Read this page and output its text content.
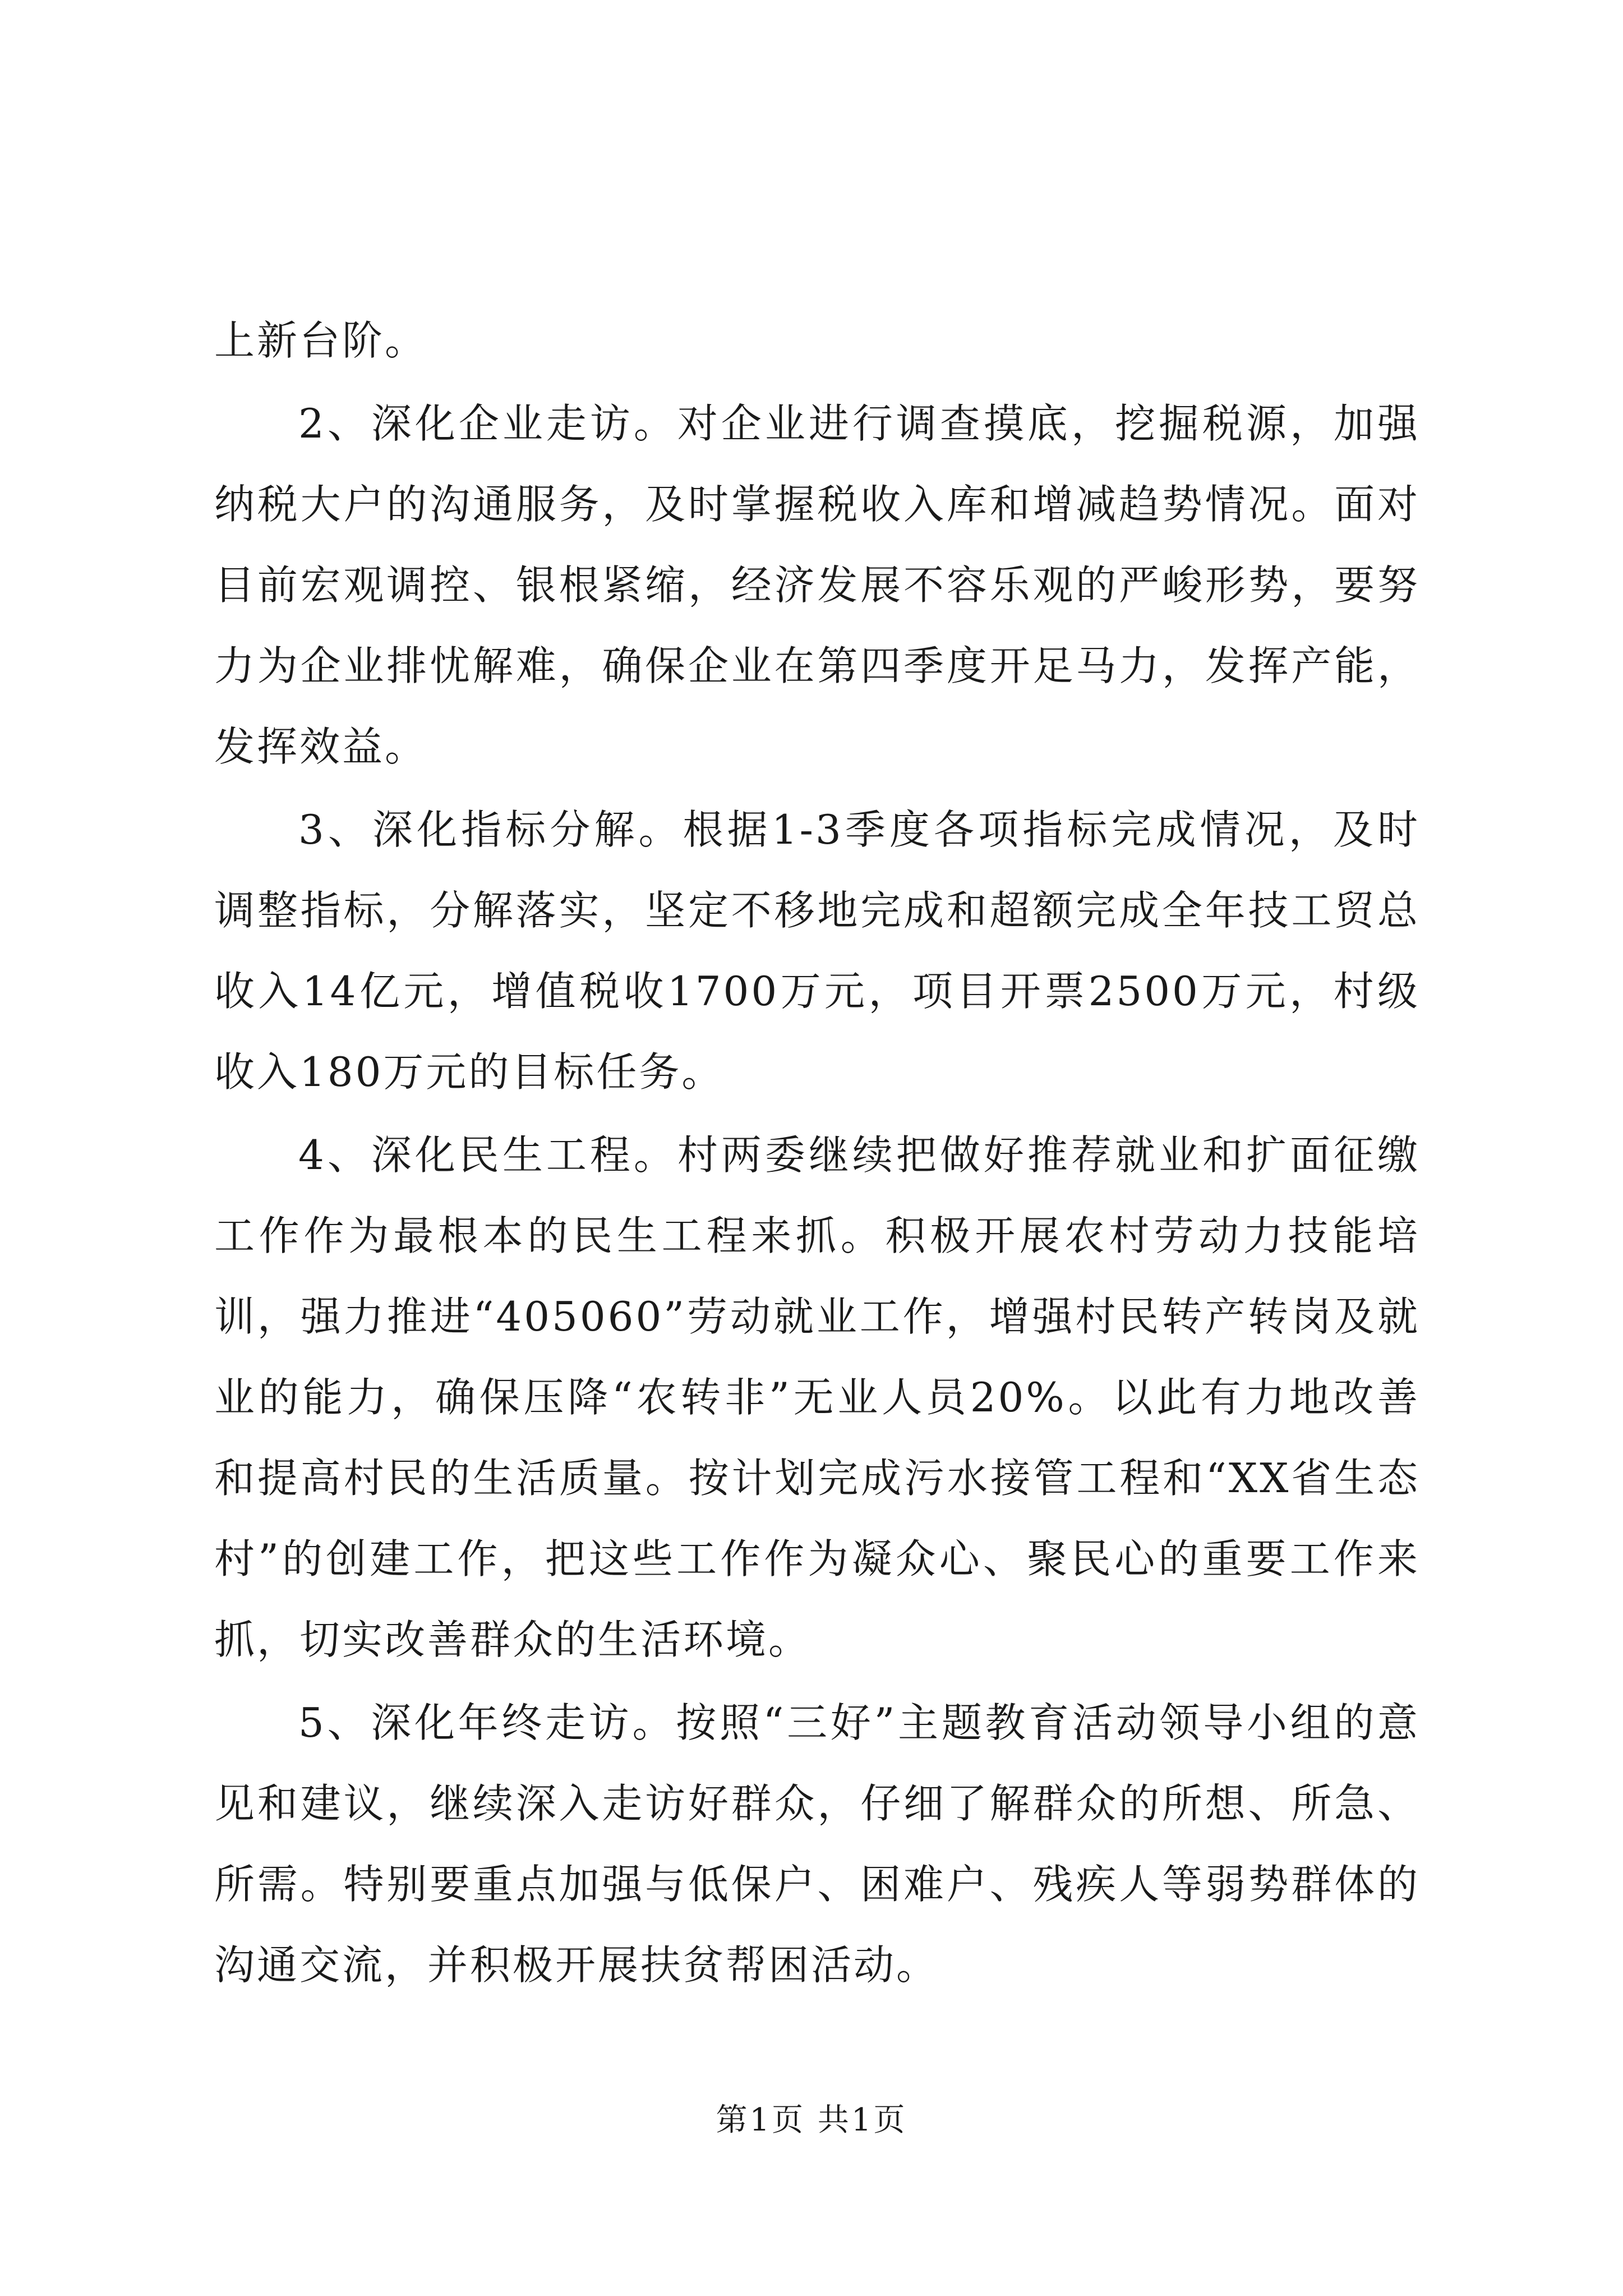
上新台阶。

2、深化企业走访。对企业进行调查摸底，挖掘税源，加强纳税大户的沟通服务，及时掌握税收入库和增减趋势情况。面对目前宏观调控、银根紧缩，经济发展不容乐观的严峻形势，要努力为企业排忧解难，确保企业在第四季度开足马力，发挥产能，发挥效益。

3、深化指标分解。根据1-3季度各项指标完成情况，及时调整指标，分解落实，坚定不移地完成和超额完成全年技工贸总收入14亿元，增值税收1700万元，项目开票2500万元，村级收入180万元的目标任务。

4、深化民生工程。村两委继续把做好推荐就业和扩面征缴工作作为最根本的民生工程来抓。积极开展农村劳动力技能培训，强力推进“405060”劳动就业工作，增强村民转产转岗及就业的能力，确保压降“农转非”无业人员20%。以此有力地改善和提高村民的生活质量。按计划完成污水接管工程和“XX省生态村”的创建工作，把这些工作作为凝众心、聚民心的重要工作来抓，切实改善群众的生活环境。

5、深化年终走访。按照“三好”主题教育活动领导小组的意见和建议，继续深入走访好群众，仔细了解群众的所想、所急、所需。特别要重点加强与低保户、困难户、残疾人等弱势群体的沟通交流，并积极开展扶贫帮困活动。

第1页 共1页
